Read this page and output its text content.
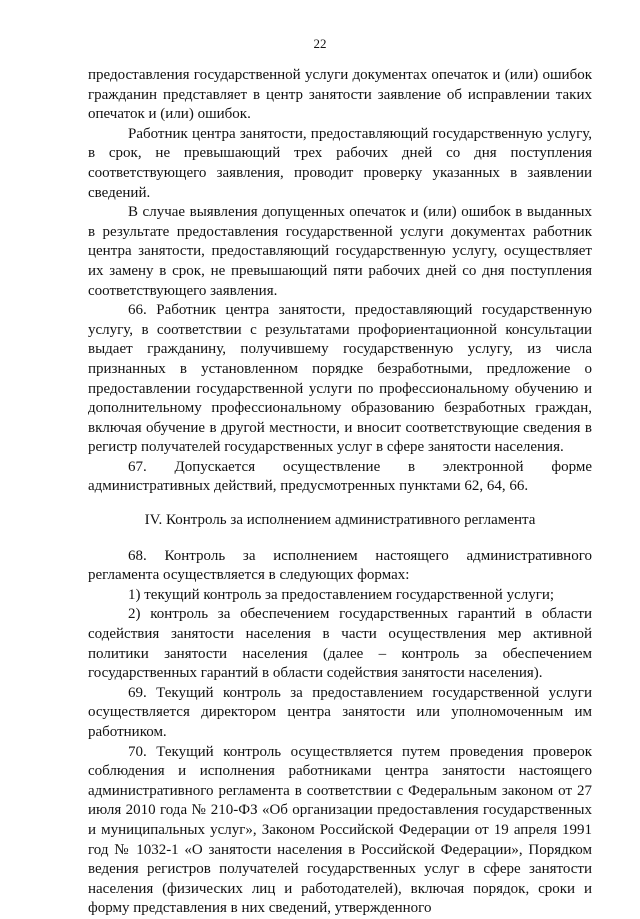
22

предоставления государственной услуги документах опечаток и (или) ошибок гражданин представляет в центр занятости заявление об исправлении таких опечаток и (или) ошибок.

Работник центра занятости, предоставляющий государственную услугу, в срок, не превышающий трех рабочих дней со дня поступления соответствующего заявления, проводит проверку указанных в заявлении сведений.

В случае выявления допущенных опечаток и (или) ошибок в выданных в результате предоставления государственной услуги документах работник центра занятости, предоставляющий государственную услугу, осуществляет их замену в срок, не превышающий пяти рабочих дней со дня поступления соответствующего заявления.

66. Работник центра занятости, предоставляющий государственную услугу, в соответствии с результатами профориентационной консультации выдает гражданину, получившему государственную услугу, из числа признанных в установленном порядке безработными, предложение о предоставлении государственной услуги по профессиональному обучению и дополнительному профессиональному образованию безработных граждан, включая обучение в другой местности, и вносит соответствующие сведения в регистр получателей государственных услуг в сфере занятости населения.

67. Допускается осуществление в электронной форме административных действий, предусмотренных пунктами 62, 64, 66.

IV. Контроль за исполнением административного регламента

68. Контроль за исполнением настоящего административного регламента осуществляется в следующих формах:

1) текущий контроль за предоставлением государственной услуги;

2) контроль за обеспечением государственных гарантий в области содействия занятости населения в части осуществления мер активной политики занятости населения (далее – контроль за обеспечением государственных гарантий в области содействия занятости населения).

69. Текущий контроль за предоставлением государственной услуги осуществляется директором центра занятости или уполномоченным им работником.

70. Текущий контроль осуществляется путем проведения проверок соблюдения и исполнения работниками центра занятости настоящего административного регламента в соответствии с Федеральным законом от 27 июля 2010 года № 210-ФЗ «Об организации предоставления государственных и муниципальных услуг», Законом Российской Федерации от 19 апреля 1991 год № 1032-1 «О занятости населения в Российской Федерации», Порядком ведения регистров получателей государственных услуг в сфере занятости населения (физических лиц и работодателей), включая порядок, сроки и форму представления в них сведений, утвержденного
